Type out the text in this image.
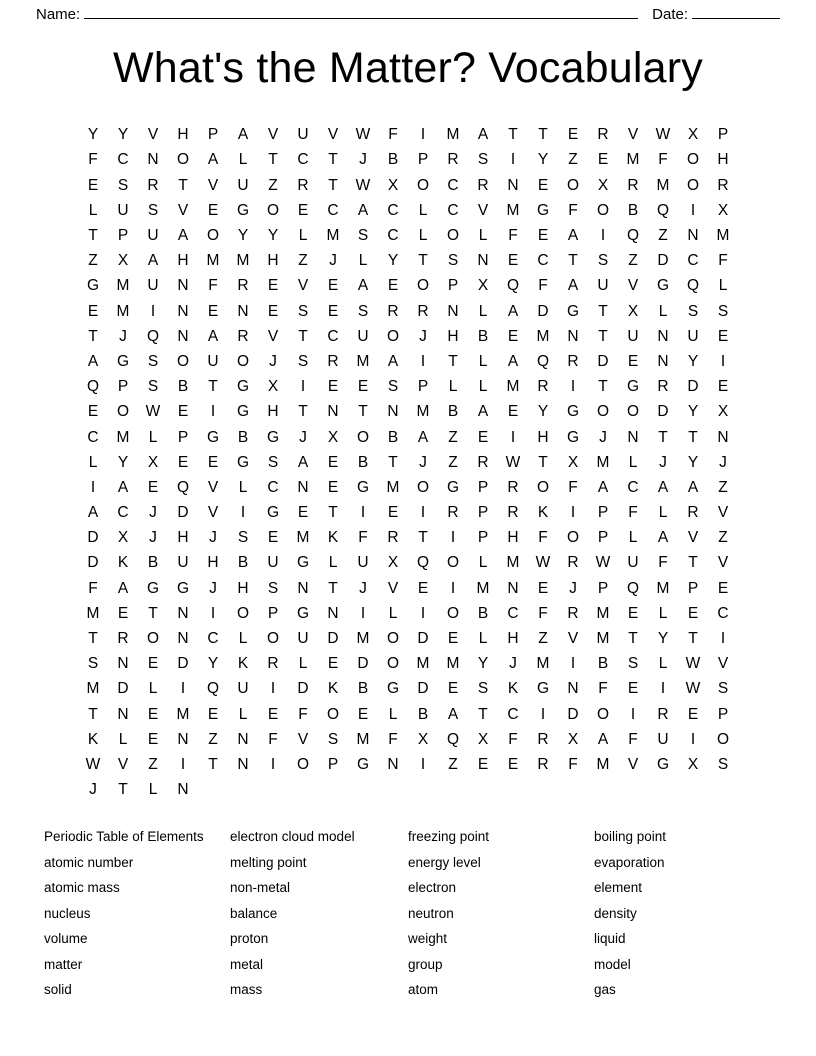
Name:	Date:
What's the Matter? Vocabulary
Y	Y	V	H	P	A	V	U	V	W	F	I	M	A	T	T	E	R	V	W	X	P
F	C	N	O	A	L	T	C	T	J	B	P	R	S	I	Y	Z	E	M	F	O	H
E	S	R	T	V	U	Z	R	T	W	X	O	C	R	N	E	O	X	R	M	O	R
L	U	S	V	E	G	O	E	C	A	C	L	C	V	M	G	F	O	B	Q	I	X
T	P	U	A	O	Y	Y	L	M	S	C	L	O	L	F	E	A	I	Q	Z	N	M
Z	X	A	H	M	M	H	Z	J	L	Y	T	S	N	E	C	T	S	Z	D	C	F
G	M	U	N	F	R	E	V	E	A	E	O	P	X	Q	F	A	U	V	G	Q	L
E	M	I	N	E	N	E	S	E	S	R	R	N	L	A	D	G	T	X	L	S	S
T	J	Q	N	A	R	V	T	C	U	O	J	H	B	E	M	N	T	U	N	U	E
A	G	S	O	U	O	J	S	R	M	A	I	T	L	A	Q	R	D	E	N	Y	I
Q	P	S	B	T	G	X	I	E	E	S	P	L	L	M	R	I	T	G	R	D	E
E	O	W	E	I	G	H	T	N	T	N	M	B	A	E	Y	G	O	O	D	Y	X
C	M	L	P	G	B	G	J	X	O	B	A	Z	E	I	H	G	J	N	T	T	N
L	Y	X	E	E	G	S	A	E	B	T	J	Z	R	W	T	X	M	L	J	Y	J
I	A	E	Q	V	L	C	N	E	G	M	O	G	P	R	O	F	A	C	A	A	Z
A	C	J	D	V	I	G	E	T	I	E	I	R	P	R	K	I	P	F	L	R	V
D	X	J	H	J	S	E	M	K	F	R	T	I	P	H	F	O	P	L	A	V	Z
D	K	B	U	H	B	U	G	L	U	X	Q	O	L	M	W	R	W	U	F	T	V
F	A	G	G	J	H	S	N	T	J	V	E	I	M	N	E	J	P	Q	M	P	E
M	E	T	N	I	O	P	G	N	I	L	I	O	B	C	F	R	M	E	L	E	C
T	R	O	N	C	L	O	U	D	M	O	D	E	L	H	Z	V	M	T	Y	T	I
S	N	E	D	Y	K	R	L	E	D	O	M	M	Y	J	M	I	B	S	L	W	V
M	D	L	I	Q	U	I	D	K	B	G	D	E	S	K	G	N	F	E	I	W	S
T	N	E	M	E	L	E	F	O	E	L	B	A	T	C	I	D	O	I	R	E	P
K	L	E	N	Z	N	F	V	S	M	F	X	Q	X	F	R	X	A	F	U	I	O
W	V	Z	I	T	N	I	O	P	G	N	I	Z	E	E	R	F	M	V	G	X	S
J	T	L	N
Periodic Table of Elements	electron cloud model	freezing point	boiling point
atomic number	melting point	energy level	evaporation
atomic mass	non-metal	electron	element
nucleus	balance	neutron	density
volume	proton	weight	liquid
matter	metal	group	model
solid	mass	atom	gas
